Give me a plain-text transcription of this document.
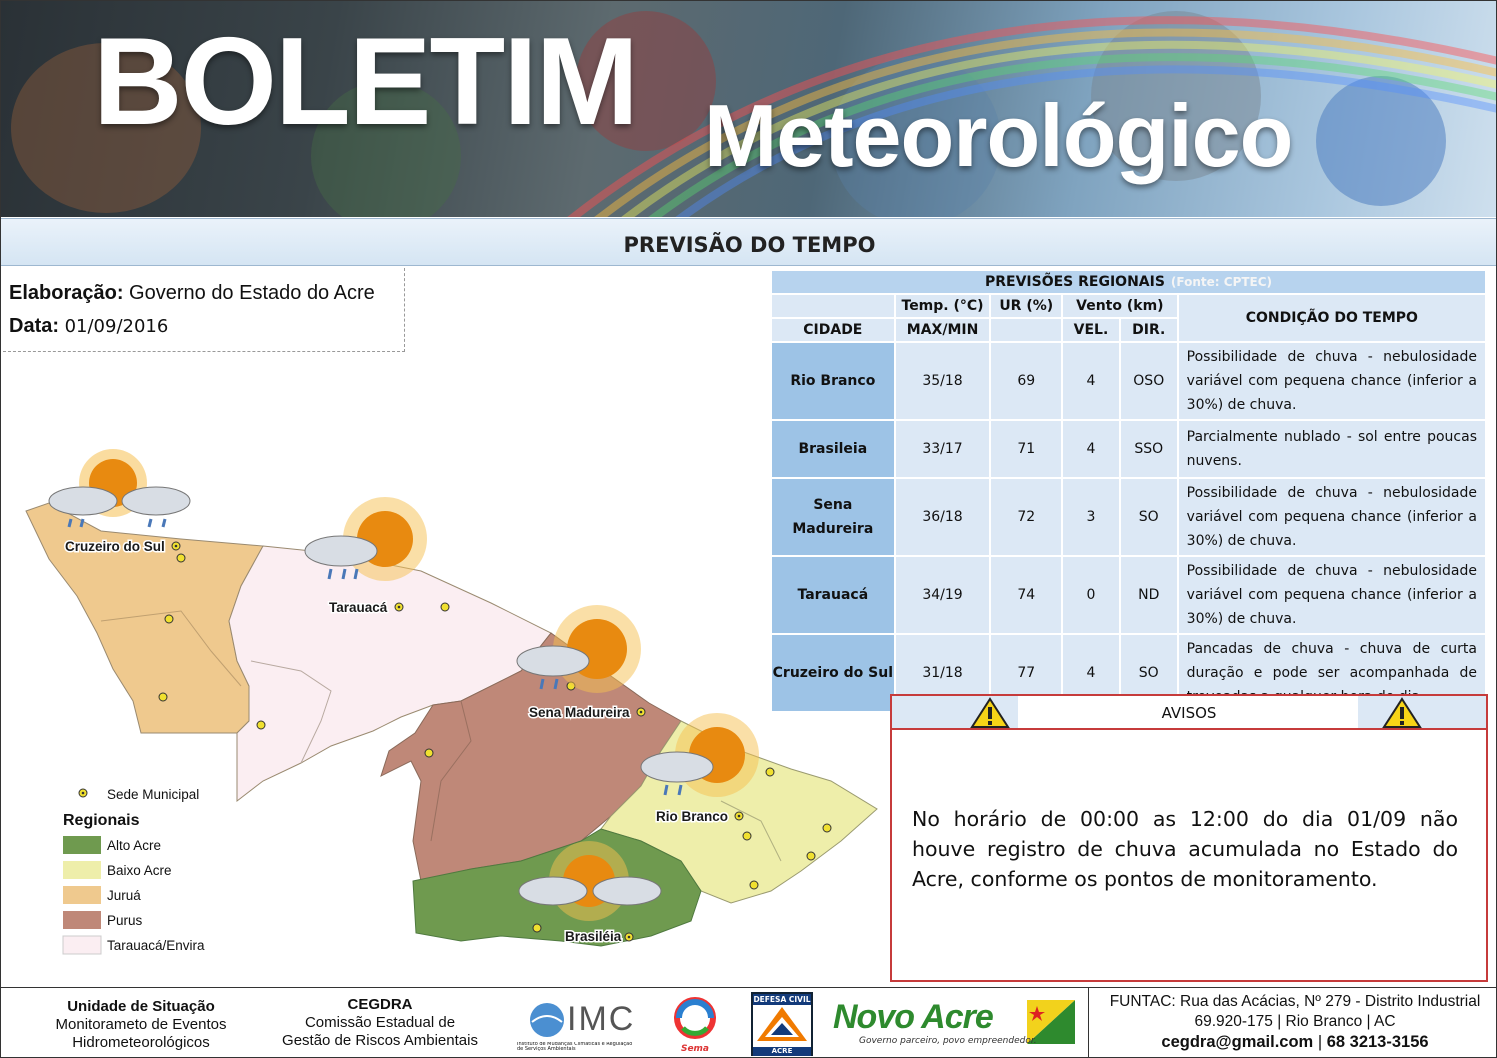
BOLETIM Meteorológico
PREVISÃO DO TEMPO
Elaboração: Governo do Estado do Acre
Data: 01/09/2016
Cruzeiro do Sul
Tarauacá
Sena Madureira
Rio Branco
Brasiléia
Sede Municipal
Regionais
Alto Acre
Baixo Acre
Juruá
Purus
Tarauacá/Envira
PREVISÕES REGIONAIS (Fonte: CPTEC)					
	Temp. (°C)	UR (%)	Vento (km)		CONDIÇÃO DO TEMPO
CIDADE	MAX/MIN		VEL.	DIR.	
Rio Branco	35/18	69	4	OSO	Possibilidade de chuva - nebulosidade variável com pequena chance (inferior a 30%) de chuva.
Brasileia	33/17	71	4	SSO	Parcialmente nublado - sol entre poucas nuvens.
Sena Madureira	36/18	72	3	SO	Possibilidade de chuva - nebulosidade variável com pequena chance (inferior a 30%) de chuva.
Tarauacá	34/19	74	0	ND	Possibilidade de chuva - nebulosidade variável com pequena chance (inferior a 30%) de chuva.
Cruzeiro do Sul	31/18	77	4	SO	Pancadas de chuva - chuva de curta duração e pode ser acompanhada de
AVISOS
No horário de 00:00 as 12:00 do dia 01/09 não houve registro de chuva acumulada no Estado do Acre, conforme os pontos de monitoramento.
Unidade de Situação
Monitorameto de Eventos
Hidrometeorológicos
CEGDRA
Comissão Estadual de
Gestão de Riscos Ambientais
IMC
Instituto de Mudanças Climáticas e Regulação de Serviços Ambientais	Sema
DEFESA CIVIL
ACRE
Novo Acre
Governo parceiro, povo empreendedor.
FUNTAC: Rua das Acácias, Nº 279 - Distrito Industrial
69.920-175 | Rio Branco | AC
cegdra@gmail.com | 68 3213-3156
